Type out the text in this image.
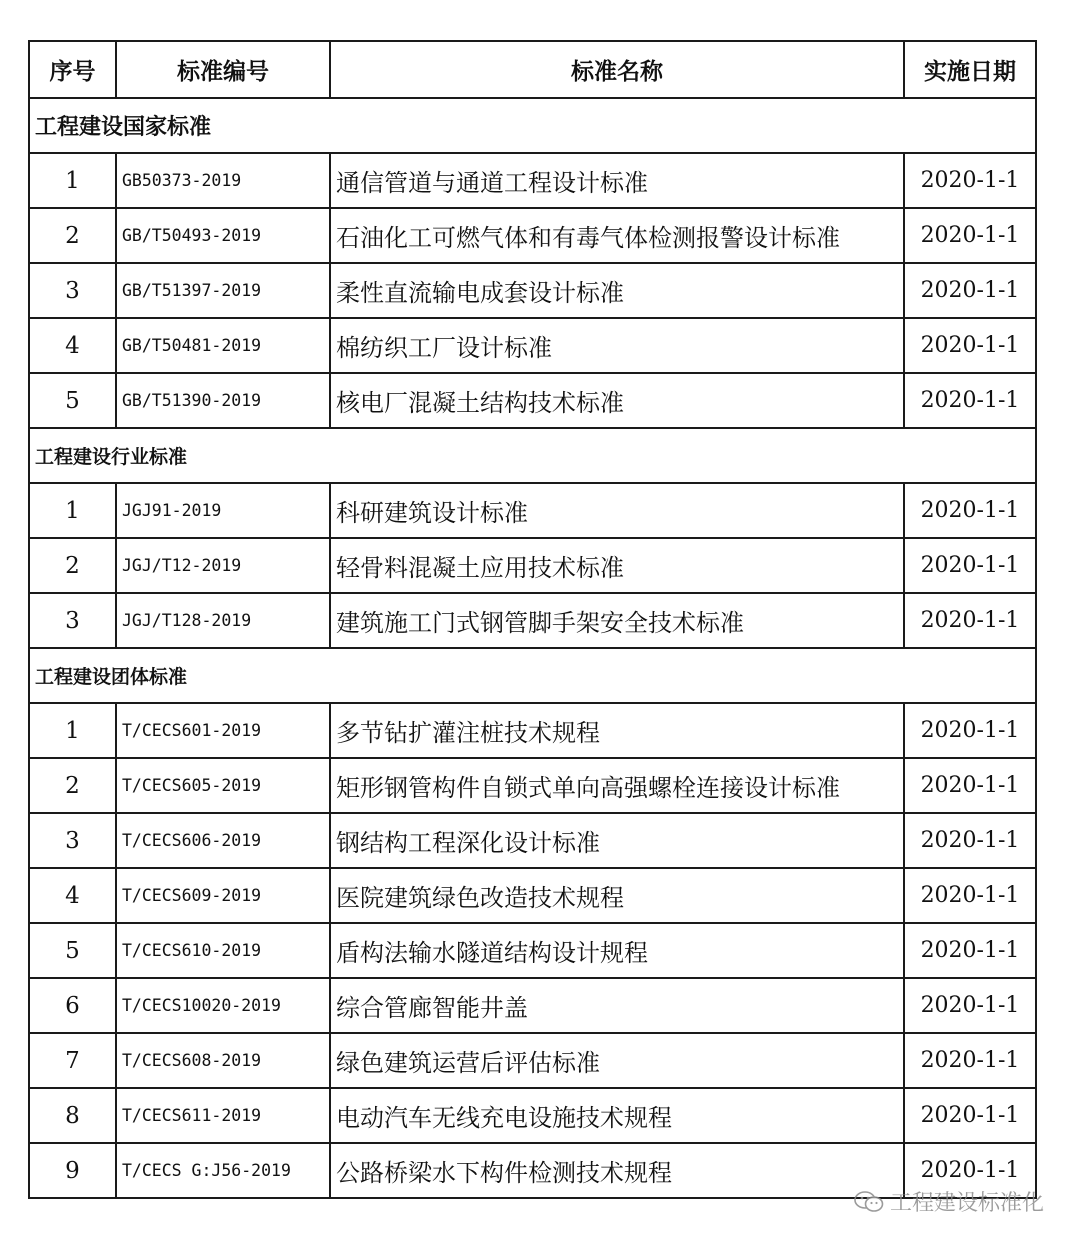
序号	标准编号	标准名称	实施日期
工程建设国家标准			
1	GB50373-2019	通信管道与通道工程设计标准	2020-1-1
2	GB/T50493-2019	石油化工可燃气体和有毒气体检测报警设计标准	2020-1-1
3	GB/T51397-2019	柔性直流输电成套设计标准	2020-1-1
4	GB/T50481-2019	棉纺织工厂设计标准	2020-1-1
5	GB/T51390-2019	核电厂混凝土结构技术标准	2020-1-1
工程建设行业标准			
1	JGJ91-2019	科研建筑设计标准	2020-1-1
2	JGJ/T12-2019	轻骨料混凝土应用技术标准	2020-1-1
3	JGJ/T128-2019	建筑施工门式钢管脚手架安全技术标准	2020-1-1
工程建设团体标准			
1	T/CECS601-2019	多节钻扩灌注桩技术规程	2020-1-1
2	T/CECS605-2019	矩形钢管构件自锁式单向高强螺栓连接设计标准	2020-1-1
3	T/CECS606-2019	钢结构工程深化设计标准	2020-1-1
4	T/CECS609-2019	医院建筑绿色改造技术规程	2020-1-1
5	T/CECS610-2019	盾构法输水隧道结构设计规程	2020-1-1
6	T/CECS10020-2019	综合管廊智能井盖	2020-1-1
7	T/CECS608-2019	绿色建筑运营后评估标准	2020-1-1
8	T/CECS611-2019	电动汽车无线充电设施技术规程	2020-1-1
9	T/CECS G:J56-2019	公路桥梁水下构件检测技术规程	2020-1-1
工程建设标准化
